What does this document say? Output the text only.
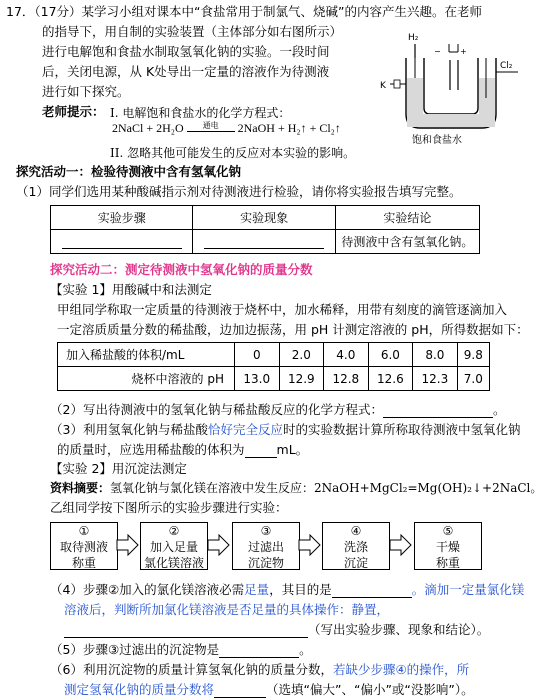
17．（17分）某学习小组对课本中“食盐常用于制氯气、烧碱”的内容产生兴趣。在老师
的指导下，用自制的实验装置（主体部分如右图所示）
进行电解饱和食盐水制取氢氧化钠的实验。一段时间
后，关闭电源，从 K处导出一定量的溶液作为待测液
进行如下探究。
H₂
− +
Cl₂
K
饱和食盐水
老师提示： I. 电解饱和食盐水的化学方程式：
2NaCl + 2H₂O 通电 2NaOH + H₂↑ + Cl₂↑
II. 忽略其他可能发生的反应对本实验的影响。
探究活动一：检验待测液中含有氢氧化钠
（1）同学们选用某种酸碱指示剂对待测液进行检验，请你将实验报告填写完整。
实验步骤	实验现象	实验结论
		待测液中含有氢氧化钠。
探究活动二：测定待测液中氢氧化钠的质量分数
【实验 1】用酸碱中和法测定
甲组同学称取一定质量的待测液于烧杯中，加水稀释，用带有刻度的滴管逐滴加入
一定溶质质量分数的稀盐酸，边加边振荡，用 pH 计测定溶液的 pH，所得数据如下：
加入稀盐酸的体积/mL	0	2.0	4.0	6.0	8.0	9.8
烧杯中溶液的 pH	13.0	12.9	12.8	12.6	12.3	7.0
（2）写出待测液中的氢氧化钠与稀盐酸反应的化学方程式：	。
（3）利用氢氧化钠与稀盐酸恰好完全反应时的实验数据计算所称取待测液中氢氧化钠
的质量时，应选用稀盐酸的体积为	mL。
【实验 2】用沉淀法测定
资料摘要：氢氧化钠与氯化镁在溶液中发生反应：2NaOH+MgCl₂=Mg(OH)₂↓+2NaCl。
乙组同学按下图所示的实验步骤进行实验：
①
取待测液
称重
②
加入足量
氯化镁溶液
③
过滤出
沉淀物
④
洗涤
沉淀
⑤
干燥
称重
（4）步骤②加入的氯化镁溶液必需足量，其目的是	。滴加一定量氯化镁
溶液后，判断所加氯化镁溶液是否足量的具体操作：静置，
（写出实验步骤、现象和结论）。
（5）步骤③过滤出的沉淀物是	。
（6）利用沉淀物的质量计算氢氧化钠的质量分数，若缺少步骤④的操作，所
测定氢氧化钠的质量分数将	（选填“偏大”、“偏小”或“没影响”）。
